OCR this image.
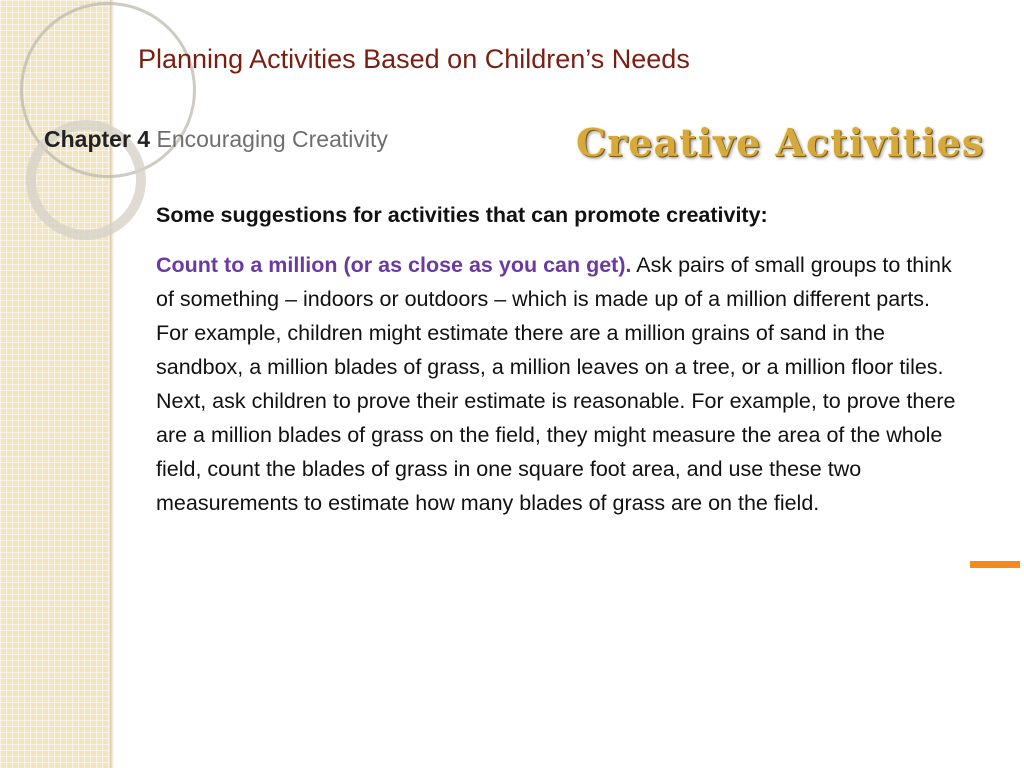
Planning Activities Based on Children’s Needs
Chapter 4 Encouraging Creativity	Creative Activities

Some suggestions for activities that can promote creativity:

Count to a million (or as close as you can get). Ask pairs of small groups to think of something – indoors or outdoors – which is made up of a million different parts. For example, children might estimate there are a million grains of sand in the sandbox, a million blades of grass, a million leaves on a tree, or a million floor tiles. Next, ask children to prove their estimate is reasonable. For example, to prove there are a million blades of grass on the field, they might measure the area of the whole field, count the blades of grass in one square foot area, and use these two measurements to estimate how many blades of grass are on the field.
